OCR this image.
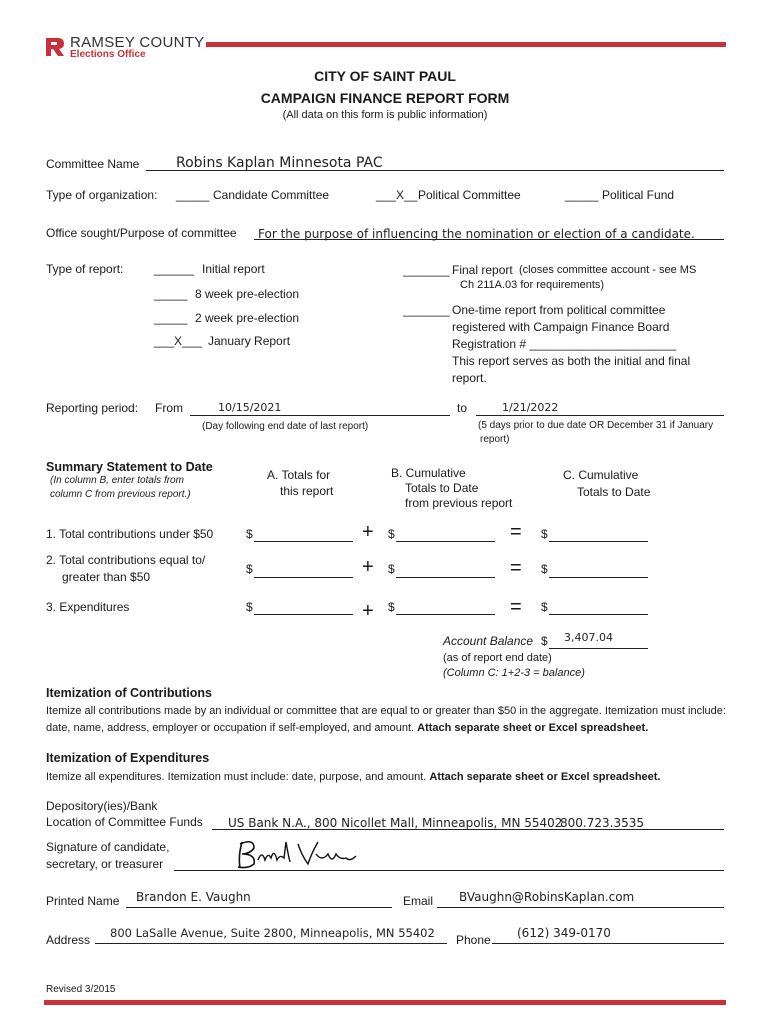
RAMSEY COUNTY
Elections Office
CITY OF SAINT PAUL
CAMPAIGN FINANCE REPORT FORM
(All data on this form is public information)
Committee Name	Robins Kaplan Minnesota PAC
Type of organization: _____ Candidate Committee	___X__ Political Committee	_____ Political Fund
Office sought/Purpose of committee For the purpose of influencing the nomination or election of a candidate.
Type of report:	______ Initial report
_____ 8 week pre-election
_____ 2 week pre-election
___X___ January Report
_______ Final report (closes committee account - see MS
Ch 211A.03 for requirements)
_______ One-time report from political committee
registered with Campaign Finance Board
Registration # ______________________
This report serves as both the initial and final
report.
Reporting period: From	10/15/2021
(Day following end date of last report)
to	1/21/2022
(5 days prior to due date OR December 31 if January
report)
Summary Statement to Date
(In column B, enter totals from
column C from previous report.)
A. Totals for
this report
B. Cumulative
Totals to Date
from previous report
C. Cumulative
Totals to Date
1. Total contributions under $50	$	+ $	= $
2. Total contributions equal to/
greater than $50
$	+ $	= $
3. Expenditures	$	+ $	= $
Account Balance $ 3,407.04
(as of report end date)
(Column C: 1+2-3 = balance)
Itemization of Contributions
Itemize all contributions made by an individual or committee that are equal to or greater than $50 in the aggregate. Itemization must include: date, name, address, employer or occupation if self-employed, and amount. Attach separate sheet or Excel spreadsheet.
Itemization of Expenditures
Itemize all expenditures. Itemization must include: date, purpose, and amount. Attach separate sheet or Excel spreadsheet.
Depository(ies)/Bank
Location of Committee Funds US Bank N.A., 800 Nicollet Mall, Minneapolis, MN 55402
800.723.3535
Signature of candidate,
secretary, or treasurer
Printed Name Brandon E. Vaughn	Email BVaughn@RobinsKaplan.com
Address 800 LaSalle Avenue, Suite 2800, Minneapolis, MN 55402 Phone (612) 349-0170
Revised 3/2015
